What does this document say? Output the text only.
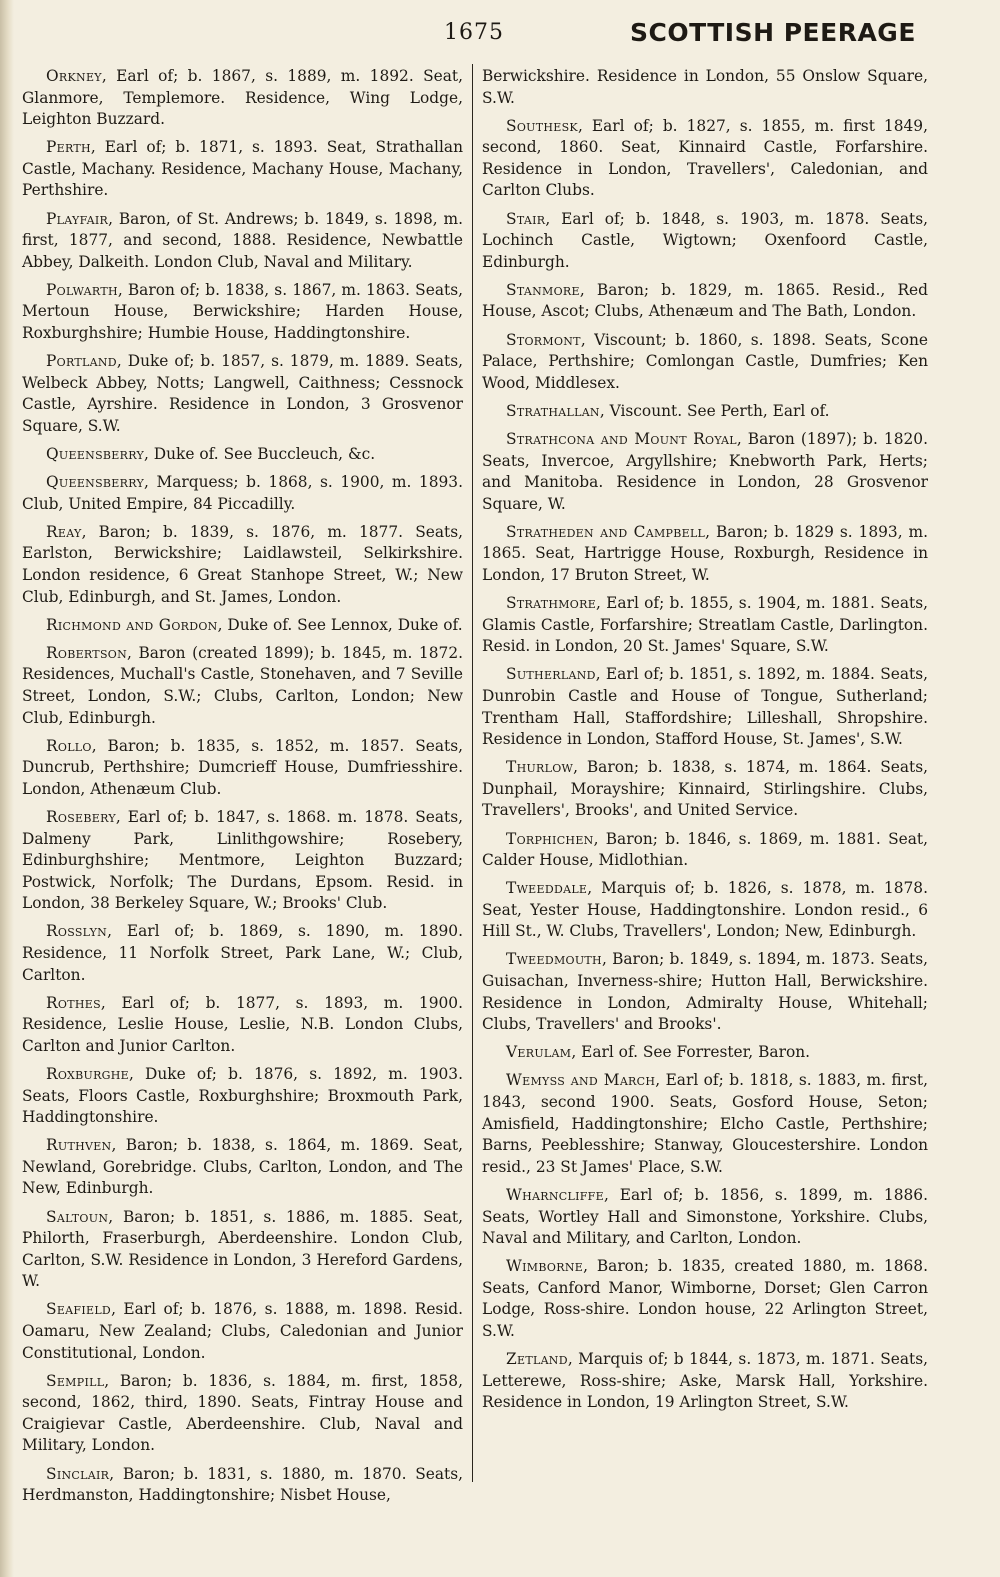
1675	SCOTTISH PEERAGE

Orkney, Earl of; b. 1867, s. 1889, m. 1892. Seat, Glanmore, Templemore. Residence, Wing Lodge, Leighton Buzzard.

Perth, Earl of; b. 1871, s. 1893. Seat, Strathallan Castle, Machany. Residence, Machany House, Machany, Perthshire.

Playfair, Baron, of St. Andrews; b. 1849, s. 1898, m. first, 1877, and second, 1888. Residence, Newbattle Abbey, Dalkeith. London Club, Naval and Military.

Polwarth, Baron of; b. 1838, s. 1867, m. 1863. Seats, Mertoun House, Berwickshire; Harden House, Roxburghshire; Humbie House, Haddingtonshire.

Portland, Duke of; b. 1857, s. 1879, m. 1889. Seats, Welbeck Abbey, Notts; Langwell, Caithness; Cessnock Castle, Ayrshire. Residence in London, 3 Grosvenor Square, S.W.

Queensberry, Duke of. See Buccleuch, &c.

Queensberry, Marquess; b. 1868, s. 1900, m. 1893. Club, United Empire, 84 Piccadilly.

Reay, Baron; b. 1839, s. 1876, m. 1877. Seats, Earlston, Berwickshire; Laidlawsteil, Selkirkshire. London residence, 6 Great Stanhope Street, W.; New Club, Edinburgh, and St. James, London.

Richmond and Gordon, Duke of. See Lennox, Duke of.

Robertson, Baron (created 1899); b. 1845, m. 1872. Residences, Muchall's Castle, Stonehaven, and 7 Seville Street, London, S.W.; Clubs, Carlton, London; New Club, Edinburgh.

Rollo, Baron; b. 1835, s. 1852, m. 1857. Seats, Duncrub, Perthshire; Dumcrieff House, Dumfriesshire. London, Athenæum Club.

Rosebery, Earl of; b. 1847, s. 1868. m. 1878. Seats, Dalmeny Park, Linlithgowshire; Rosebery, Edinburghshire; Mentmore, Leighton Buzzard; Postwick, Norfolk; The Durdans, Epsom. Resid. in London, 38 Berkeley Square, W.; Brooks' Club.

Rosslyn, Earl of; b. 1869, s. 1890, m. 1890. Residence, 11 Norfolk Street, Park Lane, W.; Club, Carlton.

Rothes, Earl of; b. 1877, s. 1893, m. 1900. Residence, Leslie House, Leslie, N.B. London Clubs, Carlton and Junior Carlton.

Roxburghe, Duke of; b. 1876, s. 1892, m. 1903. Seats, Floors Castle, Roxburghshire; Broxmouth Park, Haddingtonshire.

Ruthven, Baron; b. 1838, s. 1864, m. 1869. Seat, Newland, Gorebridge. Clubs, Carlton, London, and The New, Edinburgh.

Saltoun, Baron; b. 1851, s. 1886, m. 1885. Seat, Philorth, Fraserburgh, Aberdeenshire. London Club, Carlton, S.W. Residence in London, 3 Hereford Gardens, W.

Seafield, Earl of; b. 1876, s. 1888, m. 1898. Resid. Oamaru, New Zealand; Clubs, Caledonian and Junior Constitutional, London.

Sempill, Baron; b. 1836, s. 1884, m. first, 1858, second, 1862, third, 1890. Seats, Fintray House and Craigievar Castle, Aberdeenshire. Club, Naval and Military, London.

Sinclair, Baron; b. 1831, s. 1880, m. 1870. Seats, Herdmanston, Haddingtonshire; Nisbet House,

Berwickshire. Residence in London, 55 Onslow Square, S.W.

Southesk, Earl of; b. 1827, s. 1855, m. first 1849, second, 1860. Seat, Kinnaird Castle, Forfarshire. Residence in London, Travellers', Caledonian, and Carlton Clubs.

Stair, Earl of; b. 1848, s. 1903, m. 1878. Seats, Lochinch Castle, Wigtown; Oxenfoord Castle, Edinburgh.

Stanmore, Baron; b. 1829, m. 1865. Resid., Red House, Ascot; Clubs, Athenæum and The Bath, London.

Stormont, Viscount; b. 1860, s. 1898. Seats, Scone Palace, Perthshire; Comlongan Castle, Dumfries; Ken Wood, Middlesex.

Strathallan, Viscount. See Perth, Earl of.

Strathcona and Mount Royal, Baron (1897); b. 1820. Seats, Invercoe, Argyllshire; Knebworth Park, Herts; and Manitoba. Residence in London, 28 Grosvenor Square, W.

Stratheden and Campbell, Baron; b. 1829 s. 1893, m. 1865. Seat, Hartrigge House, Roxburgh, Residence in London, 17 Bruton Street, W.

Strathmore, Earl of; b. 1855, s. 1904, m. 1881. Seats, Glamis Castle, Forfarshire; Streatlam Castle, Darlington. Resid. in London, 20 St. James' Square, S.W.

Sutherland, Earl of; b. 1851, s. 1892, m. 1884. Seats, Dunrobin Castle and House of Tongue, Sutherland; Trentham Hall, Staffordshire; Lilleshall, Shropshire. Residence in London, Stafford House, St. James', S.W.

Thurlow, Baron; b. 1838, s. 1874, m. 1864. Seats, Dunphail, Morayshire; Kinnaird, Stirlingshire. Clubs, Travellers', Brooks', and United Service.

Torphichen, Baron; b. 1846, s. 1869, m. 1881. Seat, Calder House, Midlothian.

Tweeddale, Marquis of; b. 1826, s. 1878, m. 1878. Seat, Yester House, Haddingtonshire. London resid., 6 Hill St., W. Clubs, Travellers', London; New, Edinburgh.

Tweedmouth, Baron; b. 1849, s. 1894, m. 1873. Seats, Guisachan, Inverness-shire; Hutton Hall, Berwickshire. Residence in London, Admiralty House, Whitehall; Clubs, Travellers' and Brooks'.

Verulam, Earl of. See Forrester, Baron.

Wemyss and March, Earl of; b. 1818, s. 1883, m. first, 1843, second 1900. Seats, Gosford House, Seton; Amisfield, Haddingtonshire; Elcho Castle, Perthshire; Barns, Peeblesshire; Stanway, Gloucestershire. London resid., 23 St James' Place, S.W.

Wharncliffe, Earl of; b. 1856, s. 1899, m. 1886. Seats, Wortley Hall and Simonstone, Yorkshire. Clubs, Naval and Military, and Carlton, London.

Wimborne, Baron; b. 1835, created 1880, m. 1868. Seats, Canford Manor, Wimborne, Dorset; Glen Carron Lodge, Ross-shire. London house, 22 Arlington Street, S.W.

Zetland, Marquis of; b 1844, s. 1873, m. 1871. Seats, Letterewe, Ross-shire; Aske, Marsk Hall, Yorkshire. Residence in London, 19 Arlington Street, S.W.
